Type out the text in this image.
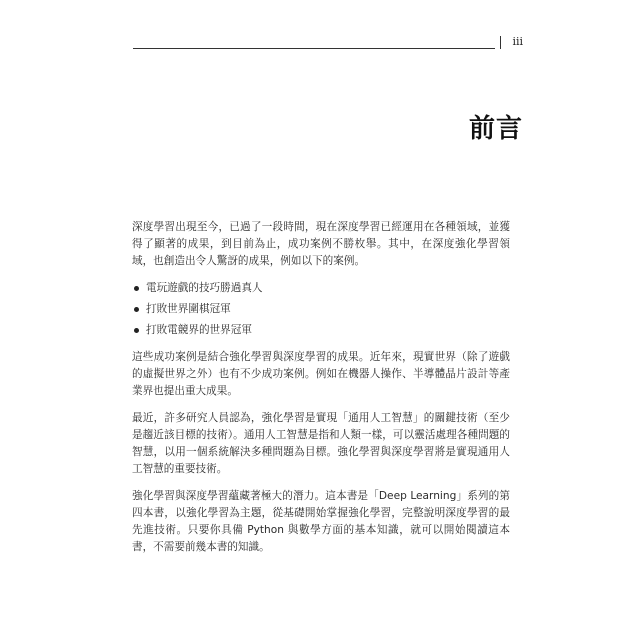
iii
前言

深度學習出現至今，已過了一段時間，現在深度學習已經運用在各種領域，並獲得了顯著的成果，到目前為止，成功案例不勝枚舉。其中，在深度強化學習領域，也創造出令人驚訝的成果，例如以下的案例。

電玩遊戲的技巧勝過真人
打敗世界圍棋冠軍
打敗電競界的世界冠軍

這些成功案例是結合強化學習與深度學習的成果。近年來，現實世界（除了遊戲的虛擬世界之外）也有不少成功案例。例如在機器人操作、半導體晶片設計等產業界也提出重大成果。

最近，許多研究人員認為，強化學習是實現「通用人工智慧」的關鍵技術（至少是趨近該目標的技術）。通用人工智慧是指和人類一樣，可以靈活處理各種問題的智慧，以用一個系統解決多種問題為目標。強化學習與深度學習將是實現通用人工智慧的重要技術。

強化學習與深度學習蘊藏著極大的潛力。這本書是「Deep Learning」系列的第四本書，以強化學習為主題，從基礎開始掌握強化學習，完整說明深度學習的最先進技術。只要你具備 Python 與數學方面的基本知識，就可以開始閱讀這本書，不需要前幾本書的知識。
